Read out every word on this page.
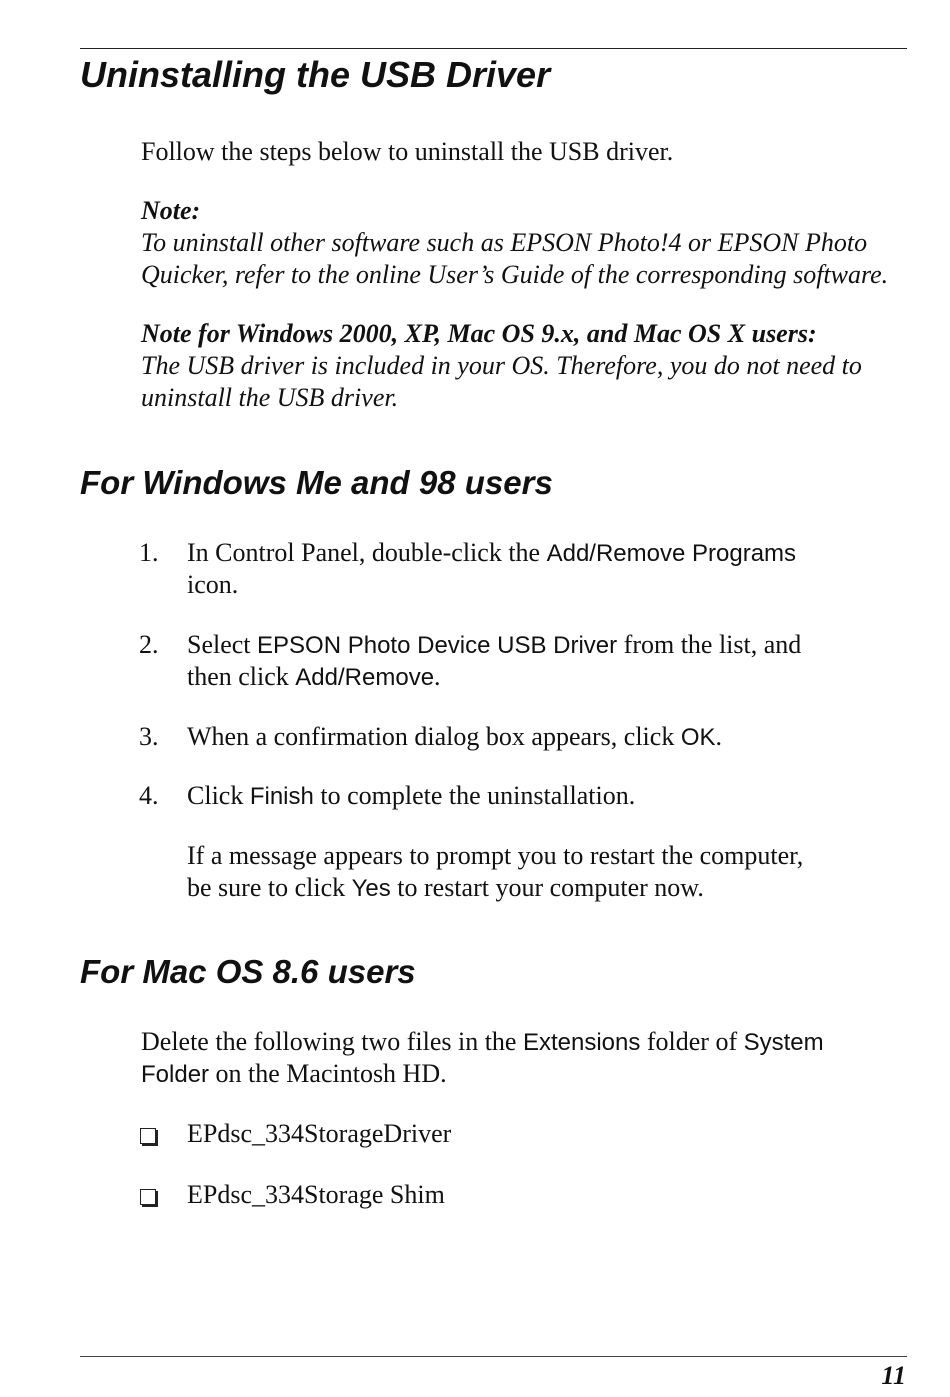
Uninstalling the USB Driver

Follow the steps below to uninstall the USB driver.

Note:

To uninstall other software such as EPSON Photo!4 or EPSON Photo

Quicker, refer to the online User’s Guide of the corresponding software.

Note for Windows 2000, XP, Mac OS 9.x, and Mac OS X users:

The USB driver is included in your OS. Therefore, you do not need to

uninstall the USB driver.

For Windows Me and 98 users

1. In Control Panel, double-click the Add/Remove Programs

icon.

2. Select EPSON Photo Device USB Driver from the list, and

then click Add/Remove.

3. When a confirmation dialog box appears, click OK.

4. Click Finish to complete the uninstallation.

If a message appears to prompt you to restart the computer,

be sure to click Yes to restart your computer now.

For Mac OS 8.6 users

Delete the following two files in the Extensions folder of System

Folder on the Macintosh HD.

EPdsc_334StorageDriver

EPdsc_334Storage Shim

11
